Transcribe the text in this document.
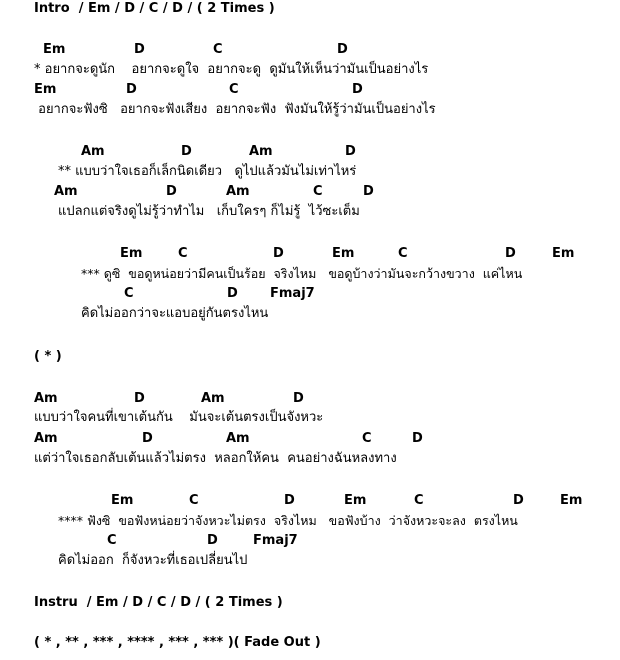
Intro  / Em / D / C / D / ( 2 Times )
Em	D	C	D
* อยากจะดูนัก    อยากจะดูใจ  อยากจะดู  ดูมันให้เห็นว่ามันเป็นอย่างไร
Em	D	C	D
อยากจะฟังซิ   อยากจะฟังเสียง  อยากจะฟัง  ฟังมันให้รู้ว่ามันเป็นอย่างไร
Am	D	Am	D
** แบบว่าใจเธอก็เล็กนิดเดียว   ดูไปแล้วมันไม่เท่าไหร่
Am	D	Am	C	D
แปลกแต่จริงดูไม่รู้ว่าทำไม   เก็บใครๆ ก็ไม่รู้  ไว้ซะเต็ม
Em	C	D	Em	C	D	Em
*** ดูซิ  ขอดูหน่อยว่ามีคนเป็นร้อย  จริงไหม   ขอดูบ้างว่ามันจะกว้างขวาง  แค่ไหน
C	D Fmaj7
คิดไม่ออกว่าจะแอบอยู่กันตรงไหน
( * )
Am	D	Am	D
แบบว่าใจคนที่เขาเต้นกัน    มันจะเต้นตรงเป็นจังหวะ
Am	D	Am	C	D
แต่ว่าใจเธอกลับเต้นแล้วไม่ตรง  หลอกให้คน  คนอย่างฉันหลงทาง
Em	C	D	Em	C	D	Em
**** ฟังซิ  ขอฟังหน่อยว่าจังหวะไม่ตรง  จริงไหม   ขอฟังบ้าง  ว่าจังหวะจะลง  ตรงไหน
C	D	Fmaj7
คิดไม่ออก  ก็จังหวะที่เธอเปลี่ยนไป
Instru  / Em / D / C / D / ( 2 Times )
( * , ** , *** , **** , *** , *** )( Fade Out )
